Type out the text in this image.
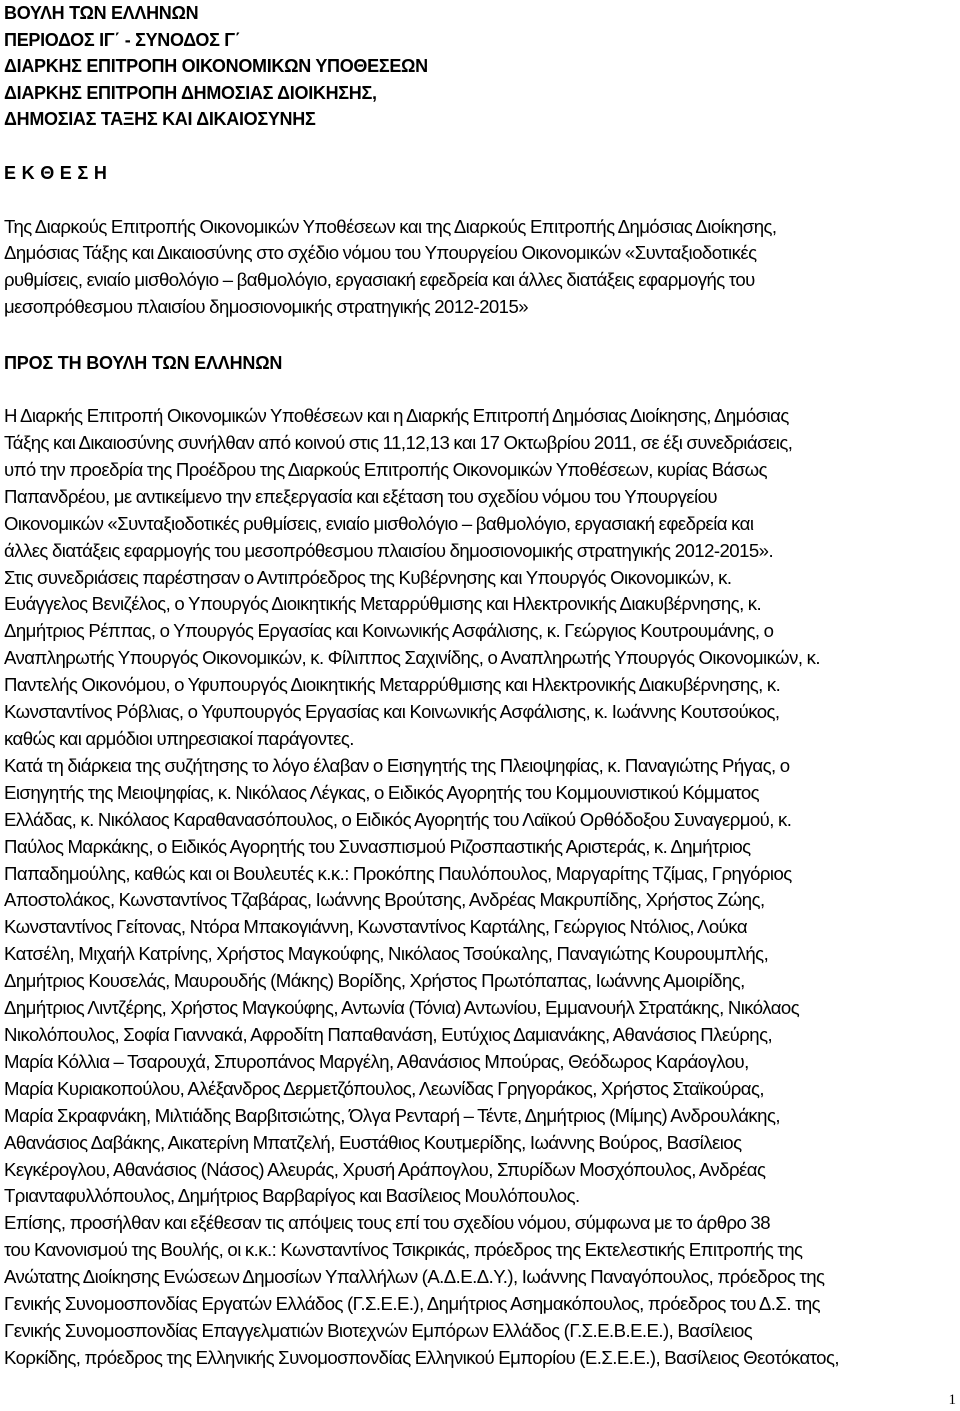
ΒΟΥΛΗ ΤΩΝ ΕΛΛΗΝΩΝ
ΠΕΡΙΟΔΟΣ ΙΓ΄ - ΣΥΝΟΔΟΣ Γ΄
ΔΙΑΡΚΗΣ ΕΠΙΤΡΟΠΗ ΟΙΚΟΝΟΜΙΚΩΝ ΥΠΟΘΕΣΕΩΝ
ΔΙΑΡΚΗΣ ΕΠΙΤΡΟΠΗ ΔΗΜΟΣΙΑΣ ΔΙΟΙΚΗΣΗΣ,
ΔΗΜΟΣΙΑΣ ΤΑΞΗΣ ΚΑΙ ΔΙΚΑΙΟΣΥΝΗΣ
Ε Κ Θ Ε Σ Η
Της Διαρκούς Επιτροπής Οικονομικών Υποθέσεων και της Διαρκούς Επιτροπής Δημόσιας Διοίκησης,
Δημόσιας Τάξης και Δικαιοσύνης στο σχέδιο νόμου του Υπουργείου Οικονομικών «Συνταξιοδοτικές
ρυθμίσεις, ενιαίο μισθολόγιο – βαθμολόγιο, εργασιακή εφεδρεία και άλλες διατάξεις εφαρμογής του
μεσοπρόθεσμου πλαισίου δημοσιονομικής στρατηγικής 2012-2015»
ΠΡΟΣ ΤΗ ΒΟΥΛΗ ΤΩΝ ΕΛΛΗΝΩΝ
Η Διαρκής Επιτροπή Οικονομικών Υποθέσεων και η Διαρκής Επιτροπή Δημόσιας Διοίκησης, Δημόσιας
Τάξης και Δικαιοσύνης συνήλθαν από κοινού στις 11,12,13 και 17 Οκτωβρίου 2011, σε έξι συνεδριάσεις,
υπό την προεδρία της Προέδρου της Διαρκούς Επιτροπής Οικονομικών Υποθέσεων, κυρίας Βάσως
Παπανδρέου, με αντικείμενο την επεξεργασία και εξέταση του σχεδίου νόμου του Υπουργείου
Οικονομικών «Συνταξιοδοτικές ρυθμίσεις, ενιαίο μισθολόγιο – βαθμολόγιο, εργασιακή εφεδρεία και
άλλες διατάξεις εφαρμογής του μεσοπρόθεσμου πλαισίου δημοσιονομικής στρατηγικής 2012-2015».
Στις συνεδριάσεις παρέστησαν ο Αντιπρόεδρος της Κυβέρνησης και Υπουργός Οικονομικών, κ.
Ευάγγελος Βενιζέλος, ο Υπουργός Διοικητικής Μεταρρύθμισης και Ηλεκτρονικής Διακυβέρνησης, κ.
Δημήτριος Ρέππας, ο Υπουργός Εργασίας και Κοινωνικής Ασφάλισης, κ. Γεώργιος Κουτρουμάνης, ο
Αναπληρωτής Υπουργός Οικονομικών, κ. Φίλιππος Σαχινίδης, ο Αναπληρωτής Υπουργός Οικονομικών, κ.
Παντελής Οικονόμου, ο Υφυπουργός Διοικητικής Μεταρρύθμισης και Ηλεκτρονικής Διακυβέρνησης, κ.
Κωνσταντίνος Ρόβλιας, ο Υφυπουργός Εργασίας και Κοινωνικής Ασφάλισης, κ. Ιωάννης Κουτσούκος,
καθώς και αρμόδιοι υπηρεσιακοί παράγοντες.
Κατά τη διάρκεια της συζήτησης το λόγο έλαβαν ο Εισηγητής της Πλειοψηφίας, κ. Παναγιώτης Ρήγας, ο
Εισηγητής της Μειοψηφίας, κ. Νικόλαος Λέγκας, ο Ειδικός Αγορητής του Κομμουνιστικού Κόμματος
Ελλάδας, κ. Νικόλαος Καραθανασόπουλος, ο Ειδικός Αγορητής του Λαϊκού Ορθόδοξου Συναγερμού, κ.
Παύλος Μαρκάκης, ο Ειδικός Αγορητής του Συνασπισμού Ριζοσπαστικής Αριστεράς, κ. Δημήτριος
Παπαδημούλης, καθώς και οι Βουλευτές κ.κ.: Προκόπης Παυλόπουλος, Μαργαρίτης Τζίμας, Γρηγόριος
Αποστολάκος, Κωνσταντίνος Τζαβάρας, Ιωάννης Βρούτσης, Ανδρέας Μακρυπίδης, Χρήστος Ζώης,
Κωνσταντίνος Γείτονας, Ντόρα Μπακογιάννη, Κωνσταντίνος Καρτάλης, Γεώργιος Ντόλιος, Λούκα
Κατσέλη, Μιχαήλ Κατρίνης, Χρήστος Μαγκούφης, Νικόλαος Τσούκαλης, Παναγιώτης Κουρουμπλής,
Δημήτριος Κουσελάς, Μαυρουδής (Μάκης) Βορίδης, Χρήστος Πρωτόπαπας, Ιωάννης Αμοιρίδης,
Δημήτριος Λιντζέρης, Χρήστος Μαγκούφης, Αντωνία (Τόνια) Αντωνίου, Εμμανουήλ Στρατάκης, Νικόλαος
Νικολόπουλος, Σοφία Γιαννακά, Αφροδίτη Παπαθανάση, Ευτύχιος Δαμιανάκης, Αθανάσιος Πλεύρης,
Μαρία Κόλλια – Τσαρουχά, Σπυροπάνος Μαργέλη, Αθανάσιος Μπούρας, Θεόδωρος Καράογλου,
Μαρία Κυριακοπούλου, Αλέξανδρος Δερμετζόπουλος, Λεωνίδας Γρηγοράκος, Χρήστος Σταϊκούρας,
Μαρία Σκραφνάκη, Μιλτιάδης Βαρβιτσιώτης, Όλγα Ρενταρή – Τέντε, Δημήτριος (Μίμης) Ανδρουλάκης,
Αθανάσιος Δαβάκης, Αικατερίνη Μπατζελή, Ευστάθιος Κουτμερίδης, Ιωάννης Βούρος, Βασίλειος
Κεγκέρογλου, Αθανάσιος (Νάσος) Αλευράς, Χρυσή Αράπογλου, Σπυρίδων Μοσχόπουλος, Ανδρέας
Τριανταφυλλόπουλος, Δημήτριος Βαρβαρίγος και Βασίλειος Μουλόπουλος.
Επίσης, προσήλθαν και εξέθεσαν τις απόψεις τους επί του σχεδίου νόμου, σύμφωνα με το άρθρο 38
του Κανονισμού της Βουλής, οι κ.κ.: Κωνσταντίνος Τσικρικάς, πρόεδρος της Εκτελεστικής Επιτροπής της
Ανώτατης Διοίκησης Ενώσεων Δημοσίων Υπαλλήλων (Α.Δ.Ε.Δ.Υ.), Ιωάννης Παναγόπουλος, πρόεδρος της
Γενικής Συνομοσπονδίας Εργατών Ελλάδος (Γ.Σ.Ε.Ε.), Δημήτριος Ασημακόπουλος, πρόεδρος του Δ.Σ. της
Γενικής Συνομοσπονδίας Επαγγελματιών Βιοτεχνών Εμπόρων Ελλάδος (Γ.Σ.Ε.Β.Ε.Ε.), Βασίλειος
Κορκίδης, πρόεδρος της Ελληνικής Συνομοσπονδίας Ελληνικού Εμπορίου (Ε.Σ.Ε.Ε.), Βασίλειος Θεοτόκατος,
1
